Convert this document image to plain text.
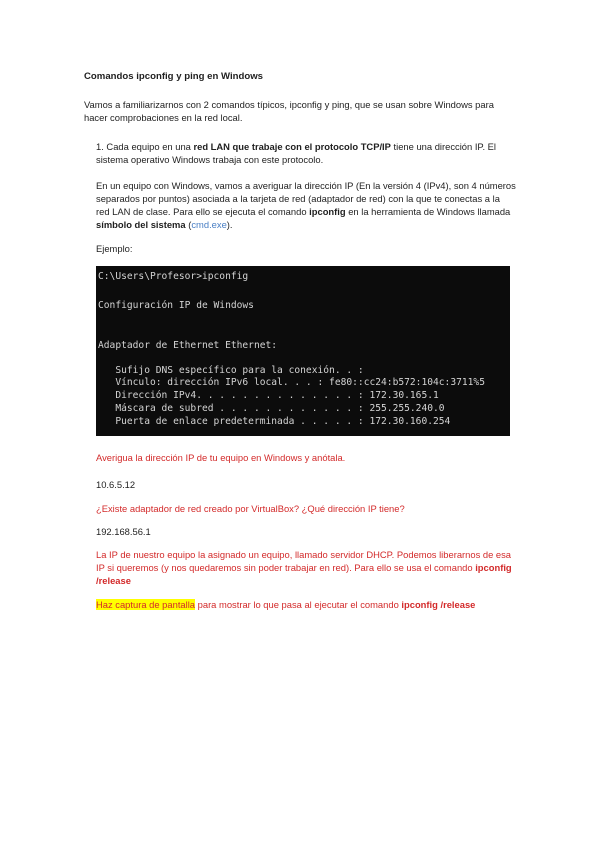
Comandos ipconfig y ping en Windows

Vamos a familiarizarnos con 2 comandos típicos, ipconfig y ping, que se usan sobre Windows para hacer comprobaciones en la red local.

1. Cada equipo en una red LAN que trabaje con el protocolo TCP/IP tiene una dirección IP. El sistema operativo Windows trabaja con este protocolo.

En un equipo con Windows, vamos a averiguar la dirección IP (En la versión 4 (IPv4), son 4 números separados por puntos) asociada a la tarjeta de red (adaptador de red) con la que te conectas a la red LAN de clase. Para ello se ejecuta el comando ipconfig en la herramienta de Windows llamada símbolo del sistema (cmd.exe).

Ejemplo:

C:\Users\Profesor>ipconfig
Configuración IP de Windows
Adaptador de Ethernet Ethernet:
Sufijo DNS específico para la conexión. . :
Vínculo: dirección IPv6 local. . . : fe80::cc24:b572:104c:3711%5
Dirección IPv4. . . . . . . . . . . . . . : 172.30.165.1
Máscara de subred . . . . . . . . . . . . : 255.255.240.0
Puerta de enlace predeterminada . . . . . : 172.30.160.254

Averigua la dirección IP de tu equipo en Windows y anótala.

10.6.5.12

¿Existe adaptador de red creado por VirtualBox? ¿Qué dirección IP tiene?

192.168.56.1

La IP de nuestro equipo la asignado un equipo, llamado servidor DHCP. Podemos liberarnos de esa IP si queremos (y nos quedaremos sin poder trabajar en red). Para ello se usa el comando ipconfig /release

Haz captura de pantalla para mostrar lo que pasa al ejecutar el comando ipconfig /release
